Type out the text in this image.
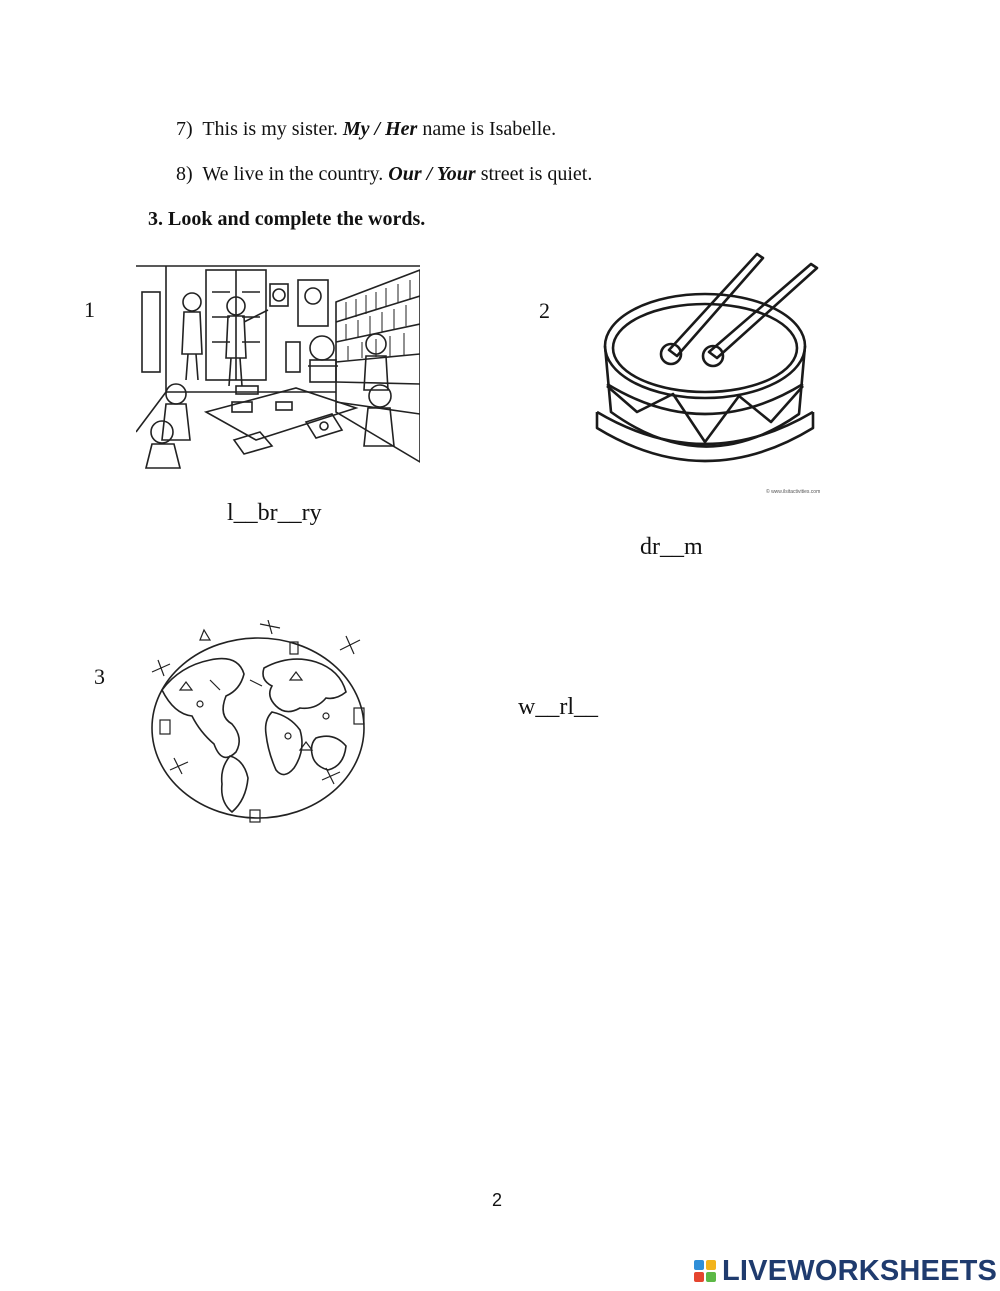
7) This is my sister. My / Her name is Isabelle.
8) We live in the country. Our / Your street is quiet.
3. Look and complete the words.
1
l__br__ry
2
© www.ilsitactivities.com
dr__m
3
w__rl__
2
LIVEWORKSHEETS
